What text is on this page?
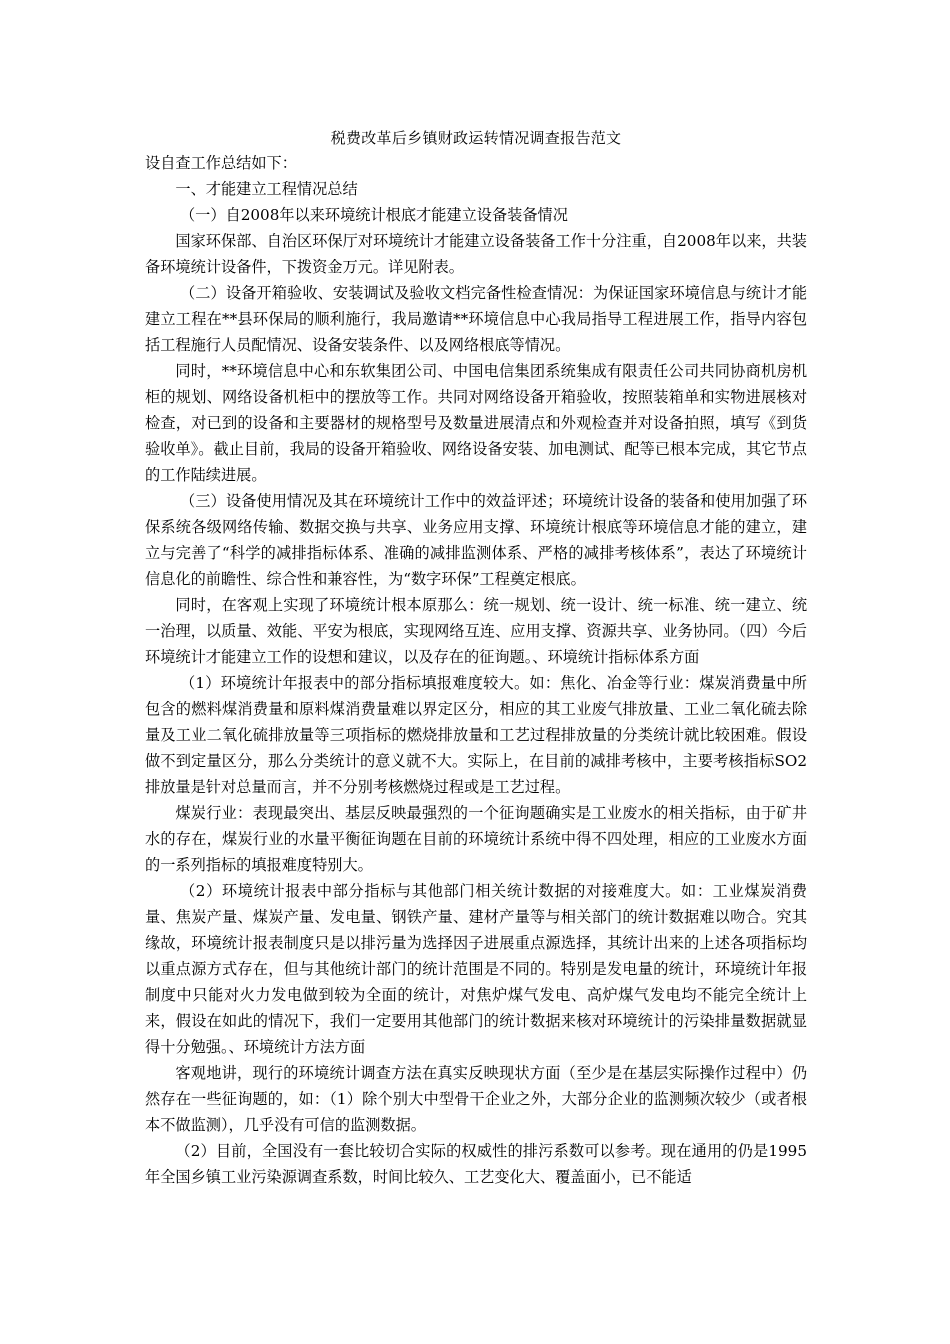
税费改革后乡镇财政运转情况调查报告范文

设自查工作总结如下：

一、才能建立工程情况总结

（一）自2008年以来环境统计根底才能建立设备装备情况

国家环保部、自治区环保厅对环境统计才能建立设备装备工作十分注重，自2008年以来，共装备环境统计设备件，下拨资金万元。详见附表。

（二）设备开箱验收、安装调试及验收文档完备性检查情况：为保证国家环境信息与统计才能建立工程在**县环保局的顺利施行，我局邀请**环境信息中心我局指导工程进展工作，指导内容包括工程施行人员配情况、设备安装条件、以及网络根底等情况。

同时，**环境信息中心和东软集团公司、中国电信集团系统集成有限责任公司共同协商机房机柜的规划、网络设备机柜中的摆放等工作。共同对网络设备开箱验收，按照装箱单和实物进展核对检查，对已到的设备和主要器材的规格型号及数量进展清点和外观检查并对设备拍照，填写《到货验收单》。截止目前，我局的设备开箱验收、网络设备安装、加电测试、配等已根本完成，其它节点的工作陆续进展。

（三）设备使用情况及其在环境统计工作中的效益评述；环境统计设备的装备和使用加强了环保系统各级网络传输、数据交换与共享、业务应用支撑、环境统计根底等环境信息才能的建立，建立与完善了“科学的减排指标体系、准确的减排监测体系、严格的减排考核体系”，表达了环境统计信息化的前瞻性、综合性和兼容性，为“数字环保”工程奠定根底。

同时，在客观上实现了环境统计根本原那么：统一规划、统一设计、统一标准、统一建立、统一治理，以质量、效能、平安为根底，实现网络互连、应用支撑、资源共享、业务协同。（四）今后环境统计才能建立工作的设想和建议，以及存在的征询题。、环境统计指标体系方面

（1）环境统计年报表中的部分指标填报难度较大。如：焦化、冶金等行业：煤炭消费量中所包含的燃料煤消费量和原料煤消费量难以界定区分，相应的其工业废气排放量、工业二氧化硫去除量及工业二氧化硫排放量等三项指标的燃烧排放量和工艺过程排放量的分类统计就比较困难。假设做不到定量区分，那么分类统计的意义就不大。实际上，在目前的减排考核中，主要考核指标SO2排放量是针对总量而言，并不分别考核燃烧过程或是工艺过程。

煤炭行业：表现最突出、基层反映最强烈的一个征询题确实是工业废水的相关指标，由于矿井水的存在，煤炭行业的水量平衡征询题在目前的环境统计系统中得不四处理，相应的工业废水方面的一系列指标的填报难度特别大。

（2）环境统计报表中部分指标与其他部门相关统计数据的对接难度大。如：工业煤炭消费量、焦炭产量、煤炭产量、发电量、钢铁产量、建材产量等与相关部门的统计数据难以吻合。究其缘故，环境统计报表制度只是以排污量为选择因子进展重点源选择，其统计出来的上述各项指标均以重点源方式存在，但与其他统计部门的统计范围是不同的。特别是发电量的统计，环境统计年报制度中只能对火力发电做到较为全面的统计，对焦炉煤气发电、高炉煤气发电均不能完全统计上来，假设在如此的情况下，我们一定要用其他部门的统计数据来核对环境统计的污染排量数据就显得十分勉强。、环境统计方法方面

客观地讲，现行的环境统计调查方法在真实反映现状方面（至少是在基层实际操作过程中）仍然存在一些征询题的，如：（1）除个别大中型骨干企业之外，大部分企业的监测频次较少（或者根本不做监测），几乎没有可信的监测数据。

（2）目前，全国没有一套比较切合实际的权威性的排污系数可以参考。现在通用的仍是1995年全国乡镇工业污染源调查系数，时间比较久、工艺变化大、覆盖面小，已不能适
